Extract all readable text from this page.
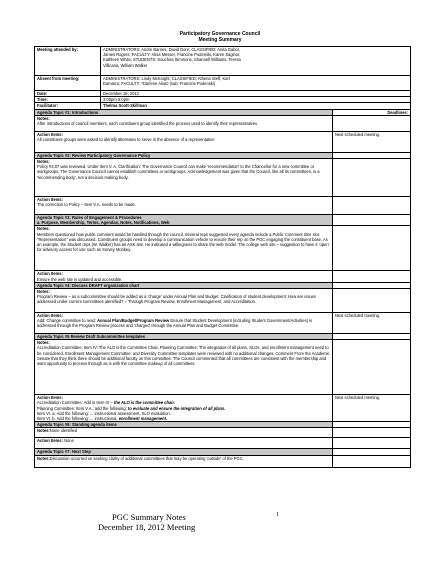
Participatory Governance Council
Meeting Summary
Meeting attended by:	ADMINISTRATORS: Andre Barnes, David Dore; CLASSIFIED: Anita Gabor,
James Rogers; FACULTY: Alisa Messer, Francine Podenski, Karen Saginor,
Kathleen White; STUDENTS: Souchira Simmons, Shannell Williams, Teresa
Villicana, William Walker	

Absent from meeting:	ADMINISTRATORS: Lindy McKnight; CLASSIFIED: Athena Steff, Karl
Damarra; FACULTY: *Darlene Alioto (sub: Francine Podenski)	

Date:	December 18, 2012	
Time:	3:00pm-5:0pm	
Facilitator:	Thelma Scott-Skillman	
Agenda Topic #1: Introductions		Deadlines:

Notes:
After introductions of council members, each constituent group identified the process used to identify their representatives.		

Action Items:
All constituent groups were asked to identify alternates to serve in the absence of a representative		Next scheduled meeting.
Agenda Topic #2: Review Participatory Governance Policy		

Notes:
Policy #2.07 was reviewed. Under Item V. A. Clarification: The Governance Council can make 'recommendation' to the Chancellor for a new committee or workgroups. The Governance Council cannot establish committees or workgroups. Acknowledgement was given that the Council, like all its committees, is a 'recommending body', not a decision-making body.		

Action Items:
The correction to Policy – Item V.A. needs to be made.		

Agenda Topic #3: Rules of Engagement & Procedures
a. Purpose, Membership, Terms, Agendas, Notes, Notifications, Web		

Notes:
Members questioned how public comment would be handled through the council. Several reps suggested every agenda include a Public Comment time slot. "Representation" was discussed. Constituent groups need to develop a communication vehicle to ensure their rep on the PGC engaging the constituent base. As an example, the Student reps (W. Walker) has an ASK site. He indicated a willingness to share the web model. The college web site – suggestion to have it 'open' for advisory access for use such as Survey Monkey.		

Action Items:
Ensure the web site is updated and accessible.		

Agenda Topic #4: Discuss DRAFT organization chart		

Notes:
Program Review – as a subcommittee should be added as a 'charge' under Annual Plan and Budget. Clarification of student development: How are issues addressed under current committees identified? – Through Program Review, Enrollment Management, and Accreditation.		

Action Items:
Add: Change committee to read: Annual Plan/Budget/Program Review Ensure that Student Development (including Student Government/Activities) is addressed through the Program Review process and 'charged' through the Annual Plan and Budget Committee.		Next scheduled meeting.
Agenda Topic #5 Review Draft Subcommittee templates		

Notes:
Accreditation Committee: Item IV: The ALO is the Committee Chair. Planning Committee: The integration of all plans, SLOs, and enrollment management need to be considered. Enrollment Management Committee: and Diversity Committee templates were reviewed with no additional changes. Comment From the Academic Senate that they think there should be additional faculty on this committee. The Council commented that all committees are consistent with the membership and want opportunity to process through as is with the committee makeup of all committees.		

Action Items:
Accreditation Committee: Add in Item IV – the ALO is the committee chair.
Planning Committee: Item V.A.: add the following: to evaluate and ensure the integration of all plans.
Item VI. a. Add the following: ... instructional assessment, SLO evaluation.
Item VI. b. Add the following: ... instructional, enrollment management.		Next scheduled meeting.
Agenda Topic #6: Standing agenda items		
Notes:None identified		
Action Items: None		
Agenda Topic #7: Next Step		
Notes:Discussion occurred on seeking clarity of additional committees that may be operating 'outside' of the PGC.		
PGC Summary Notes
December 18, 2012 Meeting
1
